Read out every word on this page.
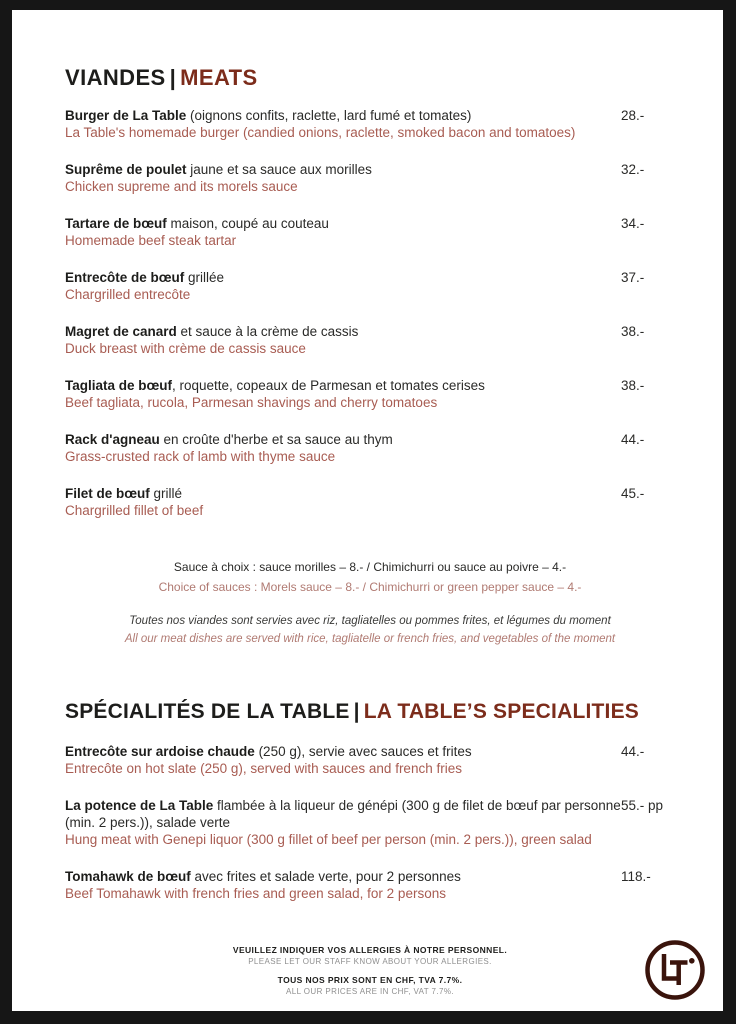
VIANDES | MEATS
Burger de La Table (oignons confits, raclette, lard fumé et tomates)
La Table's homemade burger (candied onions, raclette, smoked bacon and tomatoes)
28.-
Suprême de poulet jaune et sa sauce aux morilles
Chicken supreme and its morels sauce
32.-
Tartare de bœuf maison, coupé au couteau
Homemade beef steak tartar
34.-
Entrecôte de bœuf grillée
Chargrilled entrecôte
37.-
Magret de canard et sauce à la crème de cassis
Duck breast with crème de cassis sauce
38.-
Tagliata de bœuf, roquette, copeaux de Parmesan et tomates cerises
Beef tagliata, rucola, Parmesan shavings and cherry tomatoes
38.-
Rack d'agneau en croûte d'herbe et sa sauce au thym
Grass-crusted rack of lamb with thyme sauce
44.-
Filet de bœuf grillé
Chargrilled fillet of beef
45.-
Sauce à choix : sauce morilles – 8.- / Chimichurri ou sauce au poivre – 4.-
Choice of sauces : Morels sauce – 8.- / Chimichurri or green pepper sauce – 4.-
Toutes nos viandes sont servies avec riz, tagliatelles ou pommes frites, et légumes du moment
All our meat dishes are served with rice, tagliatelle or french fries, and vegetables of the moment
SPÉCIALITÉS DE LA TABLE | LA TABLE’S SPECIALITIES
Entrecôte sur ardoise chaude (250 g), servie avec sauces et frites
Entrecôte on hot slate (250 g), served with sauces and french fries
44.-
La potence de La Table flambée à la liqueur de génépi (300 g de filet de bœuf par personne (min. 2 pers.)), salade verte
Hung meat with Genepi liquor (300 g fillet of beef per person (min. 2 pers.)), green salad
55.- pp
Tomahawk de bœuf avec frites et salade verte, pour 2 personnes
Beef Tomahawk with french fries and green salad, for 2 persons
118.-
VEUILLEZ INDIQUER VOS ALLERGIES À NOTRE PERSONNEL.
PLEASE LET OUR STAFF KNOW ABOUT YOUR ALLERGIES.
TOUS NOS PRIX SONT EN CHF, TVA 7.7%.
ALL OUR PRICES ARE IN CHF, VAT 7.7%.
